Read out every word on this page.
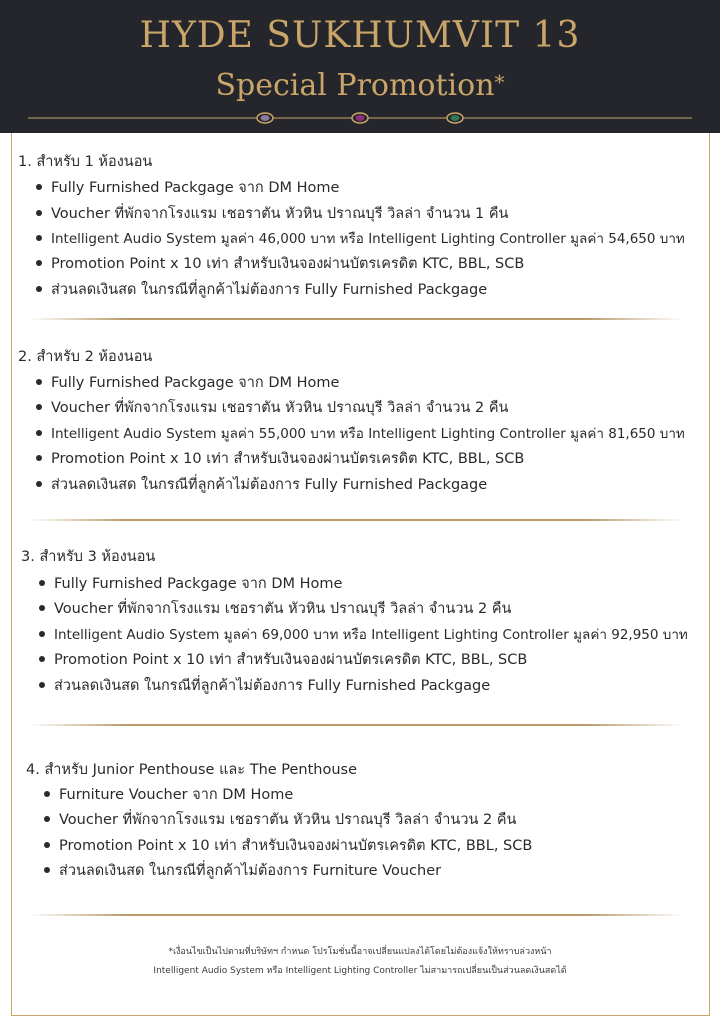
HYDE SUKHUMVIT 13
Special Promotion*
1. สำหรับ 1 ห้องนอน
Fully Furnished Packgage จาก DM Home
Voucher ที่พักจากโรงแรม เชอราตัน หัวหิน ปราณบุรี วิลล่า จำนวน 1 คืน
Intelligent Audio System มูลค่า 46,000 บาท หรือ Intelligent Lighting Controller มูลค่า 54,650 บาท
Promotion Point x 10 เท่า สำหรับเงินจองผ่านบัตรเครดิต KTC, BBL, SCB
ส่วนลดเงินสด ในกรณีที่ลูกค้าไม่ต้องการ Fully Furnished Packgage
2. สำหรับ 2 ห้องนอน
Fully Furnished Packgage จาก DM Home
Voucher ที่พักจากโรงแรม เชอราตัน หัวหิน ปราณบุรี วิลล่า จำนวน 2 คืน
Intelligent Audio System มูลค่า 55,000 บาท หรือ Intelligent Lighting Controller มูลค่า 81,650 บาท
Promotion Point x 10 เท่า สำหรับเงินจองผ่านบัตรเครดิต KTC, BBL, SCB
ส่วนลดเงินสด ในกรณีที่ลูกค้าไม่ต้องการ Fully Furnished Packgage
3. สำหรับ 3 ห้องนอน
Fully Furnished Packgage จาก DM Home
Voucher ที่พักจากโรงแรม เชอราตัน หัวหิน ปราณบุรี วิลล่า จำนวน 2 คืน
Intelligent Audio System มูลค่า 69,000 บาท หรือ Intelligent Lighting Controller มูลค่า 92,950 บาท
Promotion Point x 10 เท่า สำหรับเงินจองผ่านบัตรเครดิต KTC, BBL, SCB
ส่วนลดเงินสด ในกรณีที่ลูกค้าไม่ต้องการ Fully Furnished Packgage
4. สำหรับ Junior Penthouse และ The Penthouse
Furniture Voucher จาก DM Home
Voucher ที่พักจากโรงแรม เชอราตัน หัวหิน ปราณบุรี วิลล่า จำนวน 2 คืน
Promotion Point x 10 เท่า สำหรับเงินจองผ่านบัตรเครดิต KTC, BBL, SCB
ส่วนลดเงินสด ในกรณีที่ลูกค้าไม่ต้องการ Furniture Voucher
*เงื่อนไขเป็นไปตามที่บริษัทฯ กำหนด โปรโมชั่นนี้อาจเปลี่ยนแปลงได้โดยไม่ต้องแจ้งให้ทราบล่วงหน้า
Intelligent Audio System หรือ Intelligent Lighting Controller ไม่สามารถเปลี่ยนเป็นส่วนลดเงินสดได้
